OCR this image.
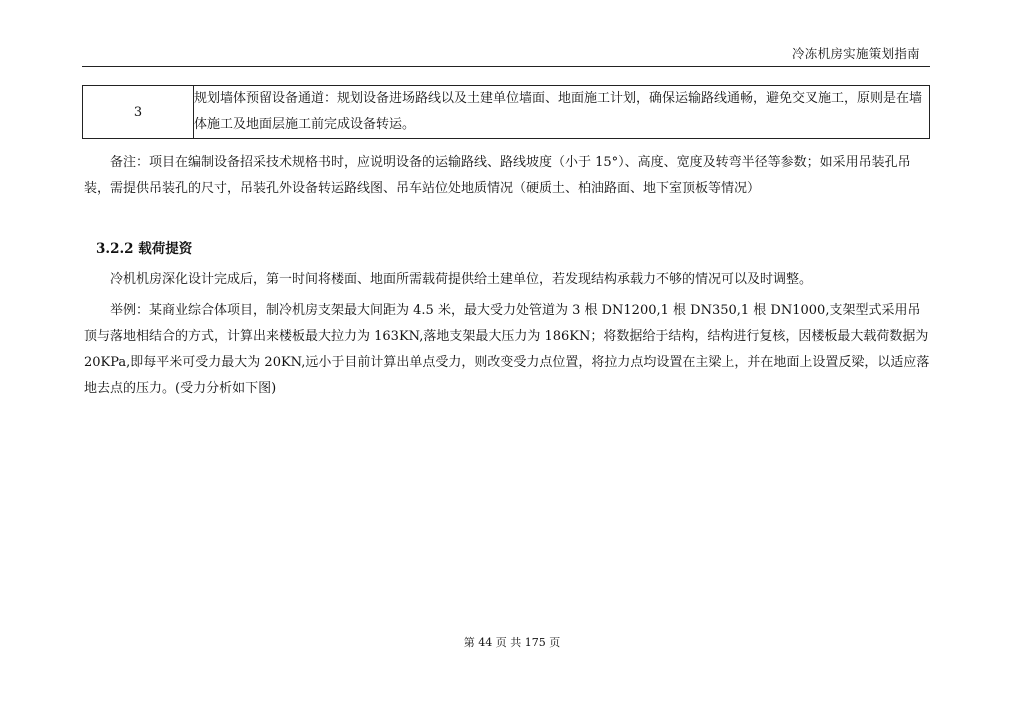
冷冻机房实施策划指南
3	规划墙体预留设备通道：规划设备进场路线以及土建单位墙面、地面施工计划，确保运输路线通畅，避免交叉施工，原则是在墙体施工及地面层施工前完成设备转运。
备注：项目在编制设备招采技术规格书时，应说明设备的运输路线、路线坡度（小于 15°）、高度、宽度及转弯半径等参数；如采用吊装孔吊装，需提供吊装孔的尺寸，吊装孔外设备转运路线图、吊车站位处地质情况（硬质土、柏油路面、地下室顶板等情况）
3.2.2 载荷提资
冷机机房深化设计完成后，第一时间将楼面、地面所需载荷提供给土建单位，若发现结构承载力不够的情况可以及时调整。
举例：某商业综合体项目，制冷机房支架最大间距为 4.5 米，最大受力处管道为 3 根 DN1200,1 根 DN350,1 根 DN1000,支架型式采用吊顶与落地相结合的方式，计算出来楼板最大拉力为 163KN,落地支架最大压力为 186KN；将数据给于结构，结构进行复核，因楼板最大载荷数据为 20KPa,即每平米可受力最大为 20KN,远小于目前计算出单点受力，则改变受力点位置，将拉力点均设置在主梁上，并在地面上设置反梁，以适应落地去点的压力。(受力分析如下图)
第 44 页 共 175 页
